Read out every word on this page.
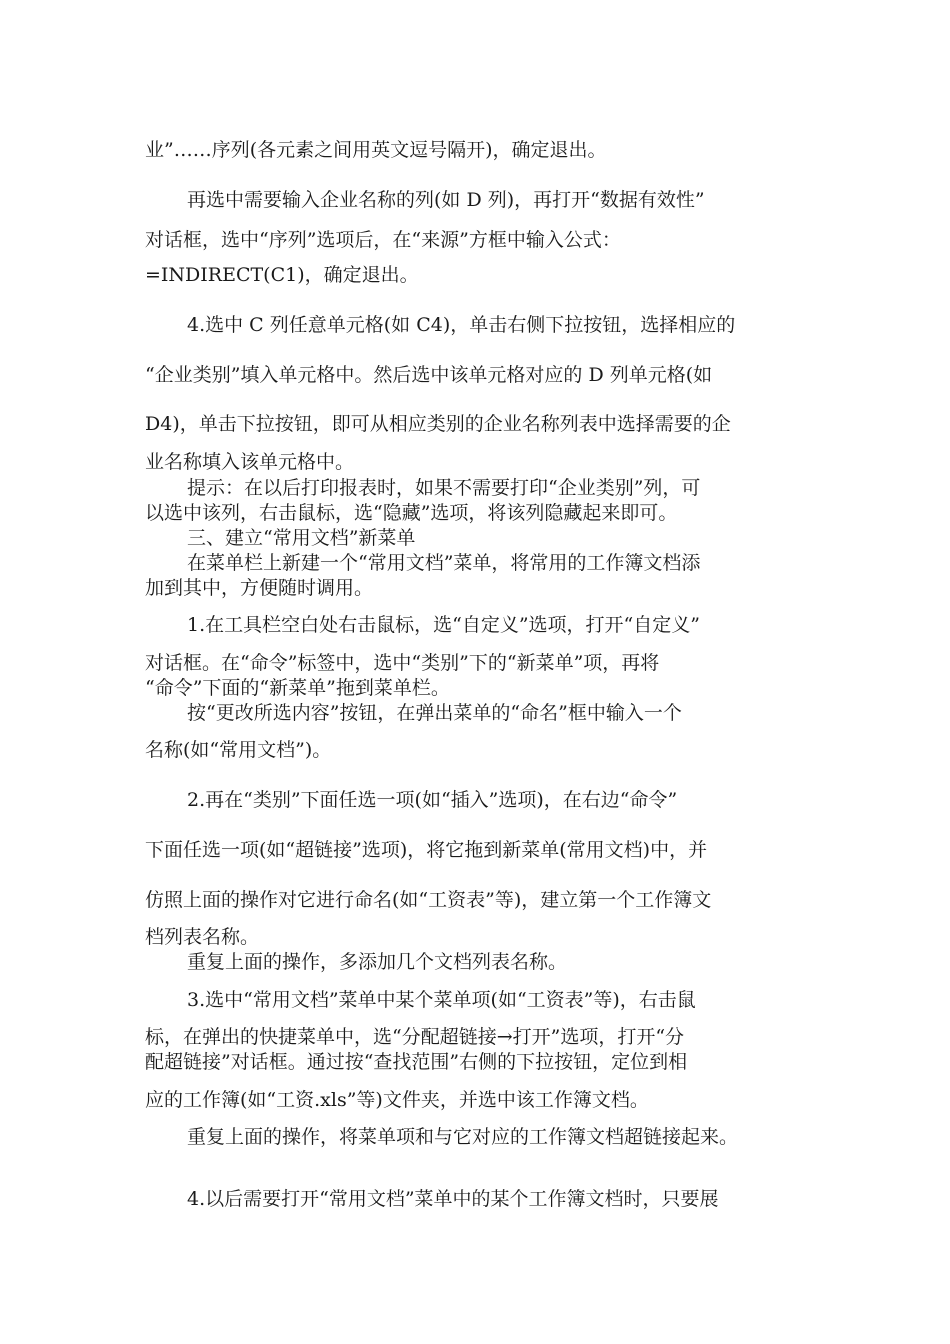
业”……序列(各元素之间用英文逗号隔开)，确定退出。
再选中需要输入企业名称的列(如 D 列)，再打开“数据有效性”
对话框，选中“序列”选项后，在“来源”方框中输入公式：
=INDIRECT(C1)，确定退出。
4.选中 C 列任意单元格(如 C4)，单击右侧下拉按钮，选择相应的
“企业类别”填入单元格中。然后选中该单元格对应的 D 列单元格(如
D4)，单击下拉按钮，即可从相应类别的企业名称列表中选择需要的企
业名称填入该单元格中。
提示：在以后打印报表时，如果不需要打印“企业类别”列，可
以选中该列，右击鼠标，选“隐藏”选项，将该列隐藏起来即可。
三、建立“常用文档”新菜单
在菜单栏上新建一个“常用文档”菜单，将常用的工作簿文档添
加到其中，方便随时调用。
1.在工具栏空白处右击鼠标，选“自定义”选项，打开“自定义”
对话框。在“命令”标签中，选中“类别”下的“新菜单”项，再将
“命令”下面的“新菜单”拖到菜单栏。
按“更改所选内容”按钮，在弹出菜单的“命名”框中输入一个
名称(如“常用文档”)。
2.再在“类别”下面任选一项(如“插入”选项)，在右边“命令”
下面任选一项(如“超链接”选项)，将它拖到新菜单(常用文档)中，并
仿照上面的操作对它进行命名(如“工资表”等)，建立第一个工作簿文
档列表名称。
重复上面的操作，多添加几个文档列表名称。
3.选中“常用文档”菜单中某个菜单项(如“工资表”等)，右击鼠
标，在弹出的快捷菜单中，选“分配超链接→打开”选项，打开“分
配超链接”对话框。通过按“查找范围”右侧的下拉按钮，定位到相
应的工作簿(如“工资.xls”等)文件夹，并选中该工作簿文档。
重复上面的操作，将菜单项和与它对应的工作簿文档超链接起来。
4.以后需要打开“常用文档”菜单中的某个工作簿文档时，只要展
